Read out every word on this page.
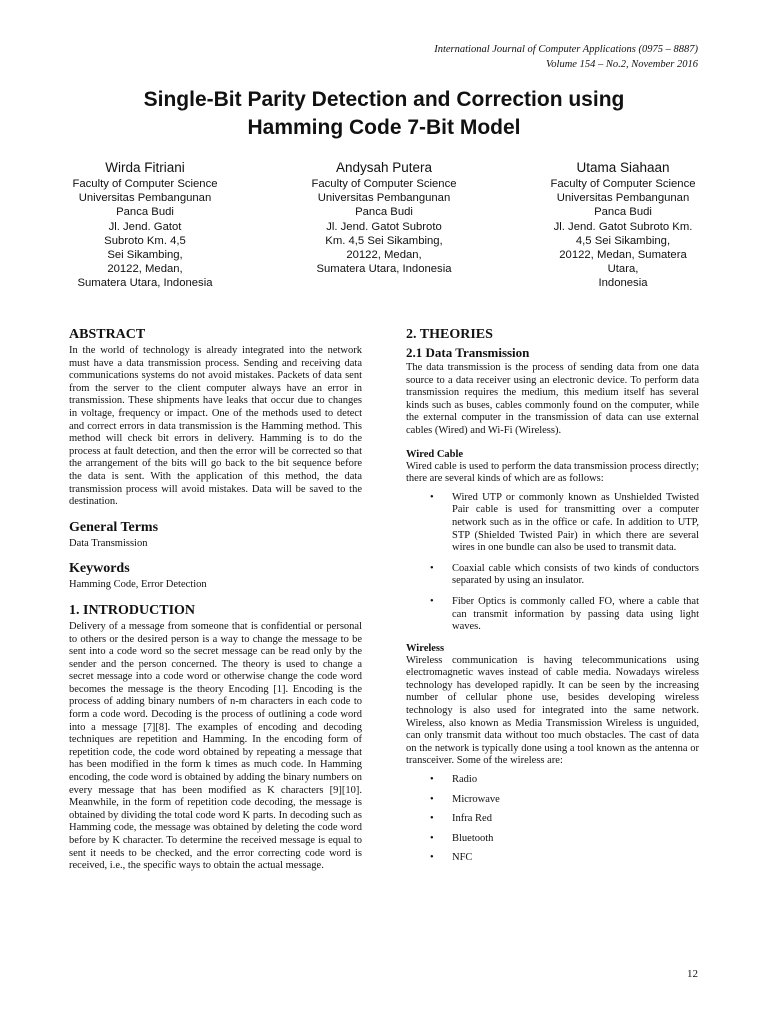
International Journal of Computer Applications (0975 – 8887)
Volume 154 – No.2, November 2016
Single-Bit Parity Detection and Correction using
Hamming Code 7-Bit Model
Wirda Fitriani
Faculty of Computer Science
Universitas Pembangunan
Panca Budi
Jl. Jend. Gatot
Subroto Km. 4,5
Sei Sikambing,
20122, Medan,
Sumatera Utara, Indonesia
Andysah Putera
Faculty of Computer Science
Universitas Pembangunan
Panca Budi
Jl. Jend. Gatot Subroto
Km. 4,5 Sei Sikambing,
20122, Medan,
Sumatera Utara, Indonesia
Utama Siahaan
Faculty of Computer Science
Universitas Pembangunan
Panca Budi
Jl. Jend. Gatot Subroto Km.
4,5 Sei Sikambing,
20122, Medan, Sumatera
Utara,
Indonesia
ABSTRACT

In the world of technology is already integrated into the network must have a data transmission process. Sending and receiving data communications systems do not avoid mistakes. Packets of data sent from the server to the client computer always have an error in transmission. These shipments have leaks that occur due to changes in voltage, frequency or impact. One of the methods used to detect and correct errors in data transmission is the Hamming method. This method will check bit errors in delivery. Hamming is to do the process at fault detection, and then the error will be corrected so that the arrangement of the bits will go back to the bit sequence before the data is sent. With the application of this method, the data transmission process will avoid mistakes. Data will be saved to the destination.

General Terms

Data Transmission

Keywords

Hamming Code, Error Detection

1. INTRODUCTION

Delivery of a message from someone that is confidential or personal to others or the desired person is a way to change the message to be sent into a code word so the secret message can be read only by the sender and the person concerned. The theory is used to change a secret message into a code word or otherwise change the code word becomes the message is the theory Encoding [1]. Encoding is the process of adding binary numbers of n-m characters in each code to form a code word. Decoding is the process of outlining a code word into a message [7][8]. The examples of encoding and decoding techniques are repetition and Hamming. In the encoding form of repetition code, the code word obtained by repeating a message that has been modified in the form k times as much code. In Hamming encoding, the code word is obtained by adding the binary numbers on every message that has been modified as K characters [9][10]. Meanwhile, in the form of repetition code decoding, the message is obtained by dividing the total code word K parts. In decoding such as Hamming code, the message was obtained by deleting the code word before by K character. To determine the received message is equal to sent it needs to be checked, and the error correcting code word is received, i.e., the specific ways to obtain the actual message.

2. THEORIES
2.1 Data Transmission

The data transmission is the process of sending data from one data source to a data receiver using an electronic device. To perform data transmission requires the medium, this medium itself has several kinds such as buses, cables commonly found on the computer, while the external computer in the transmission of data can use external cables (Wired) and Wi-Fi (Wireless).

Wired Cable

Wired cable is used to perform the data transmission process directly; there are several kinds of which are as follows:

• Wired UTP or commonly known as Unshielded Twisted Pair cable is used for transmitting over a computer network such as in the office or cafe. In addition to UTP, STP (Shielded Twisted Pair) in which there are several wires in one bundle can also be used to transmit data.
• Coaxial cable which consists of two kinds of conductors separated by using an insulator.
• Fiber Optics is commonly called FO, where a cable that can transmit information by passing data using light waves.
Wireless

Wireless communication is having telecommunications using electromagnetic waves instead of cable media. Nowadays wireless technology has developed rapidly. It can be seen by the increasing number of cellular phone use, besides developing wireless technology is also used for integrated into the same network. Wireless, also known as Media Transmission Wireless is unguided, can only transmit data without too much obstacles. The cast of data on the network is typically done using a tool known as the antenna or transceiver. Some of the wireless are:

• Radio
• Microwave
• Infra Red
• Bluetooth
• NFC
12
